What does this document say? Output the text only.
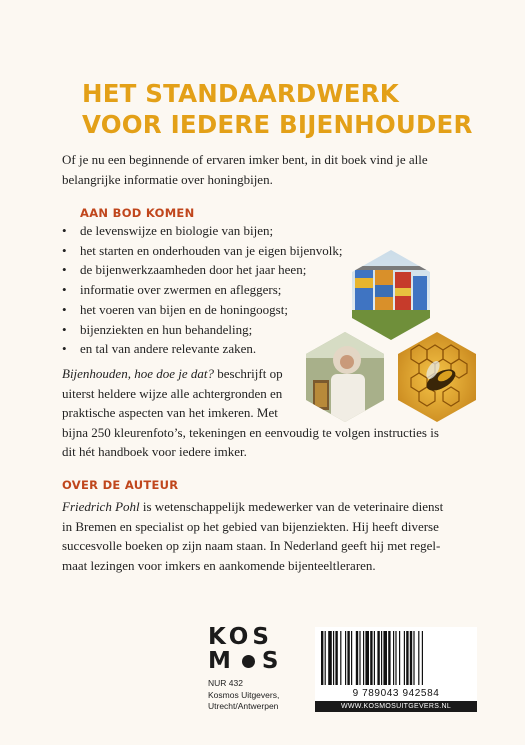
HET STANDAARDWERK
VOOR IEDERE BIJENHOUDER
Of je nu een beginnende of ervaren imker bent, in dit boek vind je alle
belangrijke informatie over honingbijen.
AAN BOD KOMEN
• de levenswijze en biologie van bijen;
• het starten en onderhouden van je eigen bijenvolk;
• de bijenwerkzaamheden door het jaar heen;
• informatie over zwermen en afleggers;
• het voeren van bijen en de honingoogst;
• bijenziekten en hun behandeling;
• en tal van andere relevante zaken.
Bijenhouden, hoe doe je dat? beschrijft op
uiterst heldere wijze alle achtergronden en
praktische aspecten van het imkeren. Met
bijna 250 kleurenfoto’s, tekeningen en eenvoudig te volgen instructies is
dit hét handboek voor iedere imker.
OVER DE AUTEUR
Friedrich Pohl is wetenschappelijk medewerker van de veterinaire dienst
in Bremen en specialist op het gebied van bijenziekten. Hij heeft diverse
succesvolle boeken op zijn naam staan. In Nederland geeft hij met regel-
maat lezingen voor imkers en aankomende bijenteeltleraren.
KOS
M S
NUR 432
Kosmos Uitgevers,
Utrecht/Antwerpen
9 789043 942584
WWW.KOSMOSUITGEVERS.NL
